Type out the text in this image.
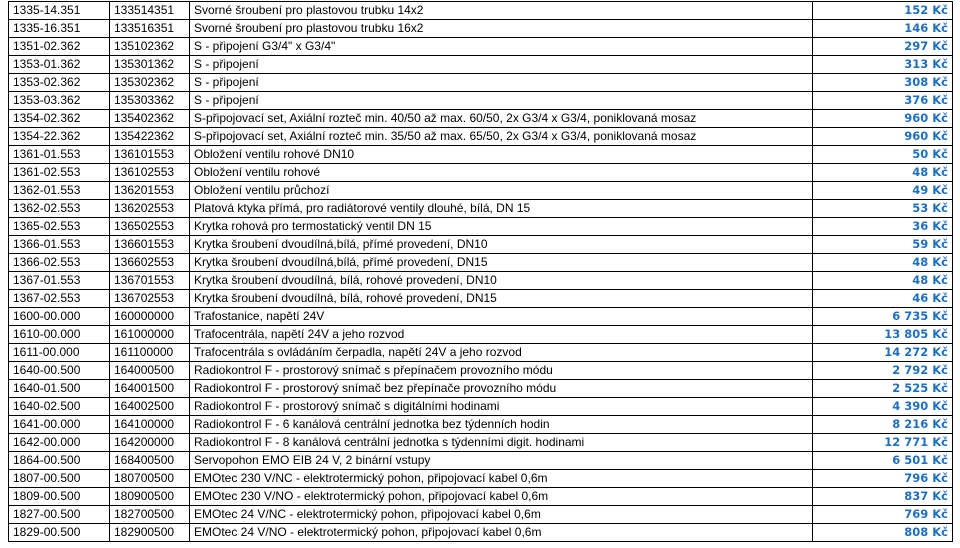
1335-14.351	133514351	Svorné šroubení pro plastovou trubku 14x2	152 Kč
1335-16.351	133516351	Svorné šroubení pro plastovou trubku 16x2	146 Kč
1351-02.362	135102362	S - připojení G3/4" x G3/4"	297 Kč
1353-01.362	135301362	S - připojení	313 Kč
1353-02.362	135302362	S - připojení	308 Kč
1353-03.362	135303362	S - připojení	376 Kč
1354-02.362	135402362	S-připojovací set, Axiální rozteč min. 40/50 až max. 60/50, 2x G3/4 x G3/4, poniklovaná mosaz	960 Kč
1354-22.362	135422362	S-připojovací set, Axiální rozteč min. 35/50 až max. 65/50, 2x G3/4 x G3/4, poniklovaná mosaz	960 Kč
1361-01.553	136101553	Obložení ventilu rohové DN10	50 Kč
1361-02.553	136102553	Obložení ventilu rohové	48 Kč
1362-01.553	136201553	Obložení ventilu průchozí	49 Kč
1362-02.553	136202553	Platová ktyka přímá, pro radiátorové ventily dlouhé, bílá, DN 15	53 Kč
1365-02.553	136502553	Krytka rohová pro termostatický ventil DN 15	36 Kč
1366-01.553	136601553	Krytka šroubení dvoudílná,bílá, přímé provedení, DN10	59 Kč
1366-02.553	136602553	Krytka šroubení dvoudílná,bílá, přímé provedení, DN15	48 Kč
1367-01.553	136701553	Krytka šroubení dvoudílná, bílá, rohové provedení, DN10	48 Kč
1367-02.553	136702553	Krytka šroubení dvoudílná, bílá, rohové provedení, DN15	46 Kč
1600-00.000	160000000	Trafostanice, napětí 24V	6 735 Kč
1610-00.000	161000000	Trafocentrála, napětí 24V a jeho rozvod	13 805 Kč
1611-00.000	161100000	Trafocentrála s ovládáním čerpadla, napětí 24V a jeho rozvod	14 272 Kč
1640-00.500	164000500	Radiokontrol F - prostorový snímač s přepínačem provozního módu	2 792 Kč
1640-01.500	164001500	Radiokontrol F - prostorový snímač bez přepínače provozního módu	2 525 Kč
1640-02.500	164002500	Radiokontrol F - prostorový snímač s digitálními hodinami	4 390 Kč
1641-00.000	164100000	Radiokontrol F - 6 kanálová centrální jednotka bez týdenních hodin	8 216 Kč
1642-00.000	164200000	Radiokontrol F - 8 kanálová centrální jednotka s týdenními digit. hodinami	12 771 Kč
1864-00.500	168400500	Servopohon EMO EIB 24 V, 2 binární vstupy	6 501 Kč
1807-00.500	180700500	EMOtec 230 V/NC - elektrotermický pohon, připojovací kabel 0,6m	796 Kč
1809-00.500	180900500	EMOtec 230 V/NO - elektrotermický pohon, připojovací kabel 0,6m	837 Kč
1827-00.500	182700500	EMOtec 24 V/NC - elektrotermický pohon, připojovací kabel 0,6m	769 Kč
1829-00.500	182900500	EMOtec 24 V/NO - elektrotermický pohon, připojovací kabel 0,6m	808 Kč
